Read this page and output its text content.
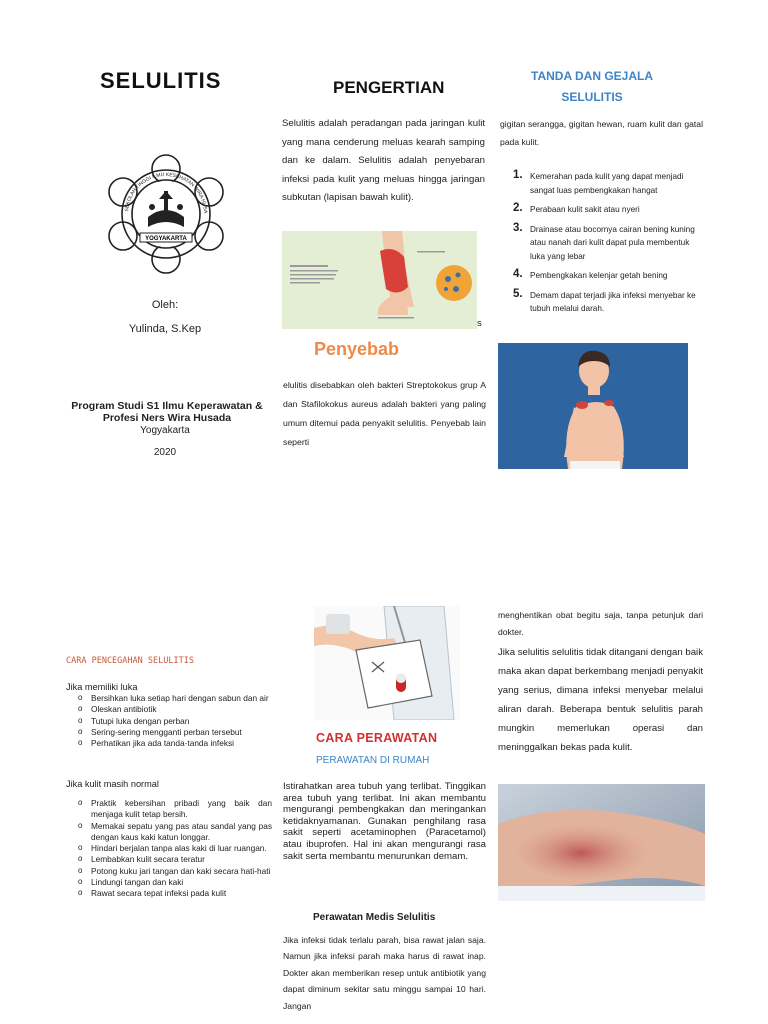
SELULITIS
YOGYAKARTA
SEKOLAH TINGGI ILMU KESEHATAN WIRA HUSA
Oleh:
Yulinda, S.Kep
Program Studi S1 Ilmu Keperawatan & Profesi Ners Wira Husada
Yogyakarta
2020
PENGERTIAN
Selulitis adalah peradangan pada jaringan kulit yang mana cenderung meluas kearah samping dan ke dalam. Selulitis adalah penyebaran infeksi pada kulit yang meluas hingga jaringan subkutan (lapisan bawah kulit).
s
Penyebab
elulitis disebabkan oleh bakteri Streptokokus grup A dan Stafilokokus aureus adalah bakteri yang paling umum ditemui pada penyakit selulitis. Penyebab lain seperti
TANDA DAN GEJALA
SELULITIS
gigitan serangga, gigitan hewan, ruam kulit dan gatal pada kulit.
1. Kemerahan pada kulit yang dapat menjadi sangat luas pembengkakan hangat
2. Perabaan kulit sakit atau nyeri
3. Drainase atau bocornya cairan bening kuning atau nanah dari kulit dapat pula membentuk luka yang lebar
4. Pembengkakan kelenjar getah bening
5. Demam dapat terjadi jika infeksi menyebar ke tubuh melalui darah.
CARA PENCEGAHAN SELULITIS
Jika memiliki luka
o Bersihkan luka setiap hari dengan sabun dan air
o Oleskan antibiotik
o Tutupi luka dengan perban
o Sering-sering mengganti perban tersebut
o Perhatikan jika ada tanda-tanda infeksi
Jika kulit masih normal
o Praktik kebersihan pribadi yang baik dan menjaga kulit tetap bersih.
o Memakai sepatu yang pas atau sandal yang pas dengan kaus kaki katun longgar.
o Hindari berjalan tanpa alas kaki di luar ruangan.
o Lembabkan kulit secara teratur
o Potong kuku jari tangan dan kaki secara hati-hati
o Lindungi tangan dan kaki
o Rawat secara tepat infeksi pada kulit
CARA PERAWATAN
PERAWATAN DI RUMAH
Istirahatkan area tubuh yang terlibat. Tinggikan area tubuh yang terlibat. Ini akan membantu mengurangi pembengkakan dan meringankan ketidaknyamanan. Gunakan penghilang rasa sakit seperti acetaminophen (Paracetamol) atau ibuprofen. Hal ini akan mengurangi rasa sakit serta membantu menurunkan demam.
Perawatan Medis Selulitis
Jika infeksi tidak terlalu parah, bisa rawat jalan saja. Namun jika infeksi parah maka harus di rawat inap. Dokter akan memberikan resep untuk antibiotik yang dapat diminum sekitar satu minggu sampai 10 hari. Jangan
menghentikan obat begitu saja, tanpa petunjuk dari dokter.
Jika selulitis selulitis tidak ditangani dengan baik maka akan dapat berkembang menjadi penyakit yang serius, dimana infeksi menyebar melalui aliran darah. Beberapa bentuk selulitis parah mungkin memerlukan operasi dan meninggalkan bekas pada kulit.
